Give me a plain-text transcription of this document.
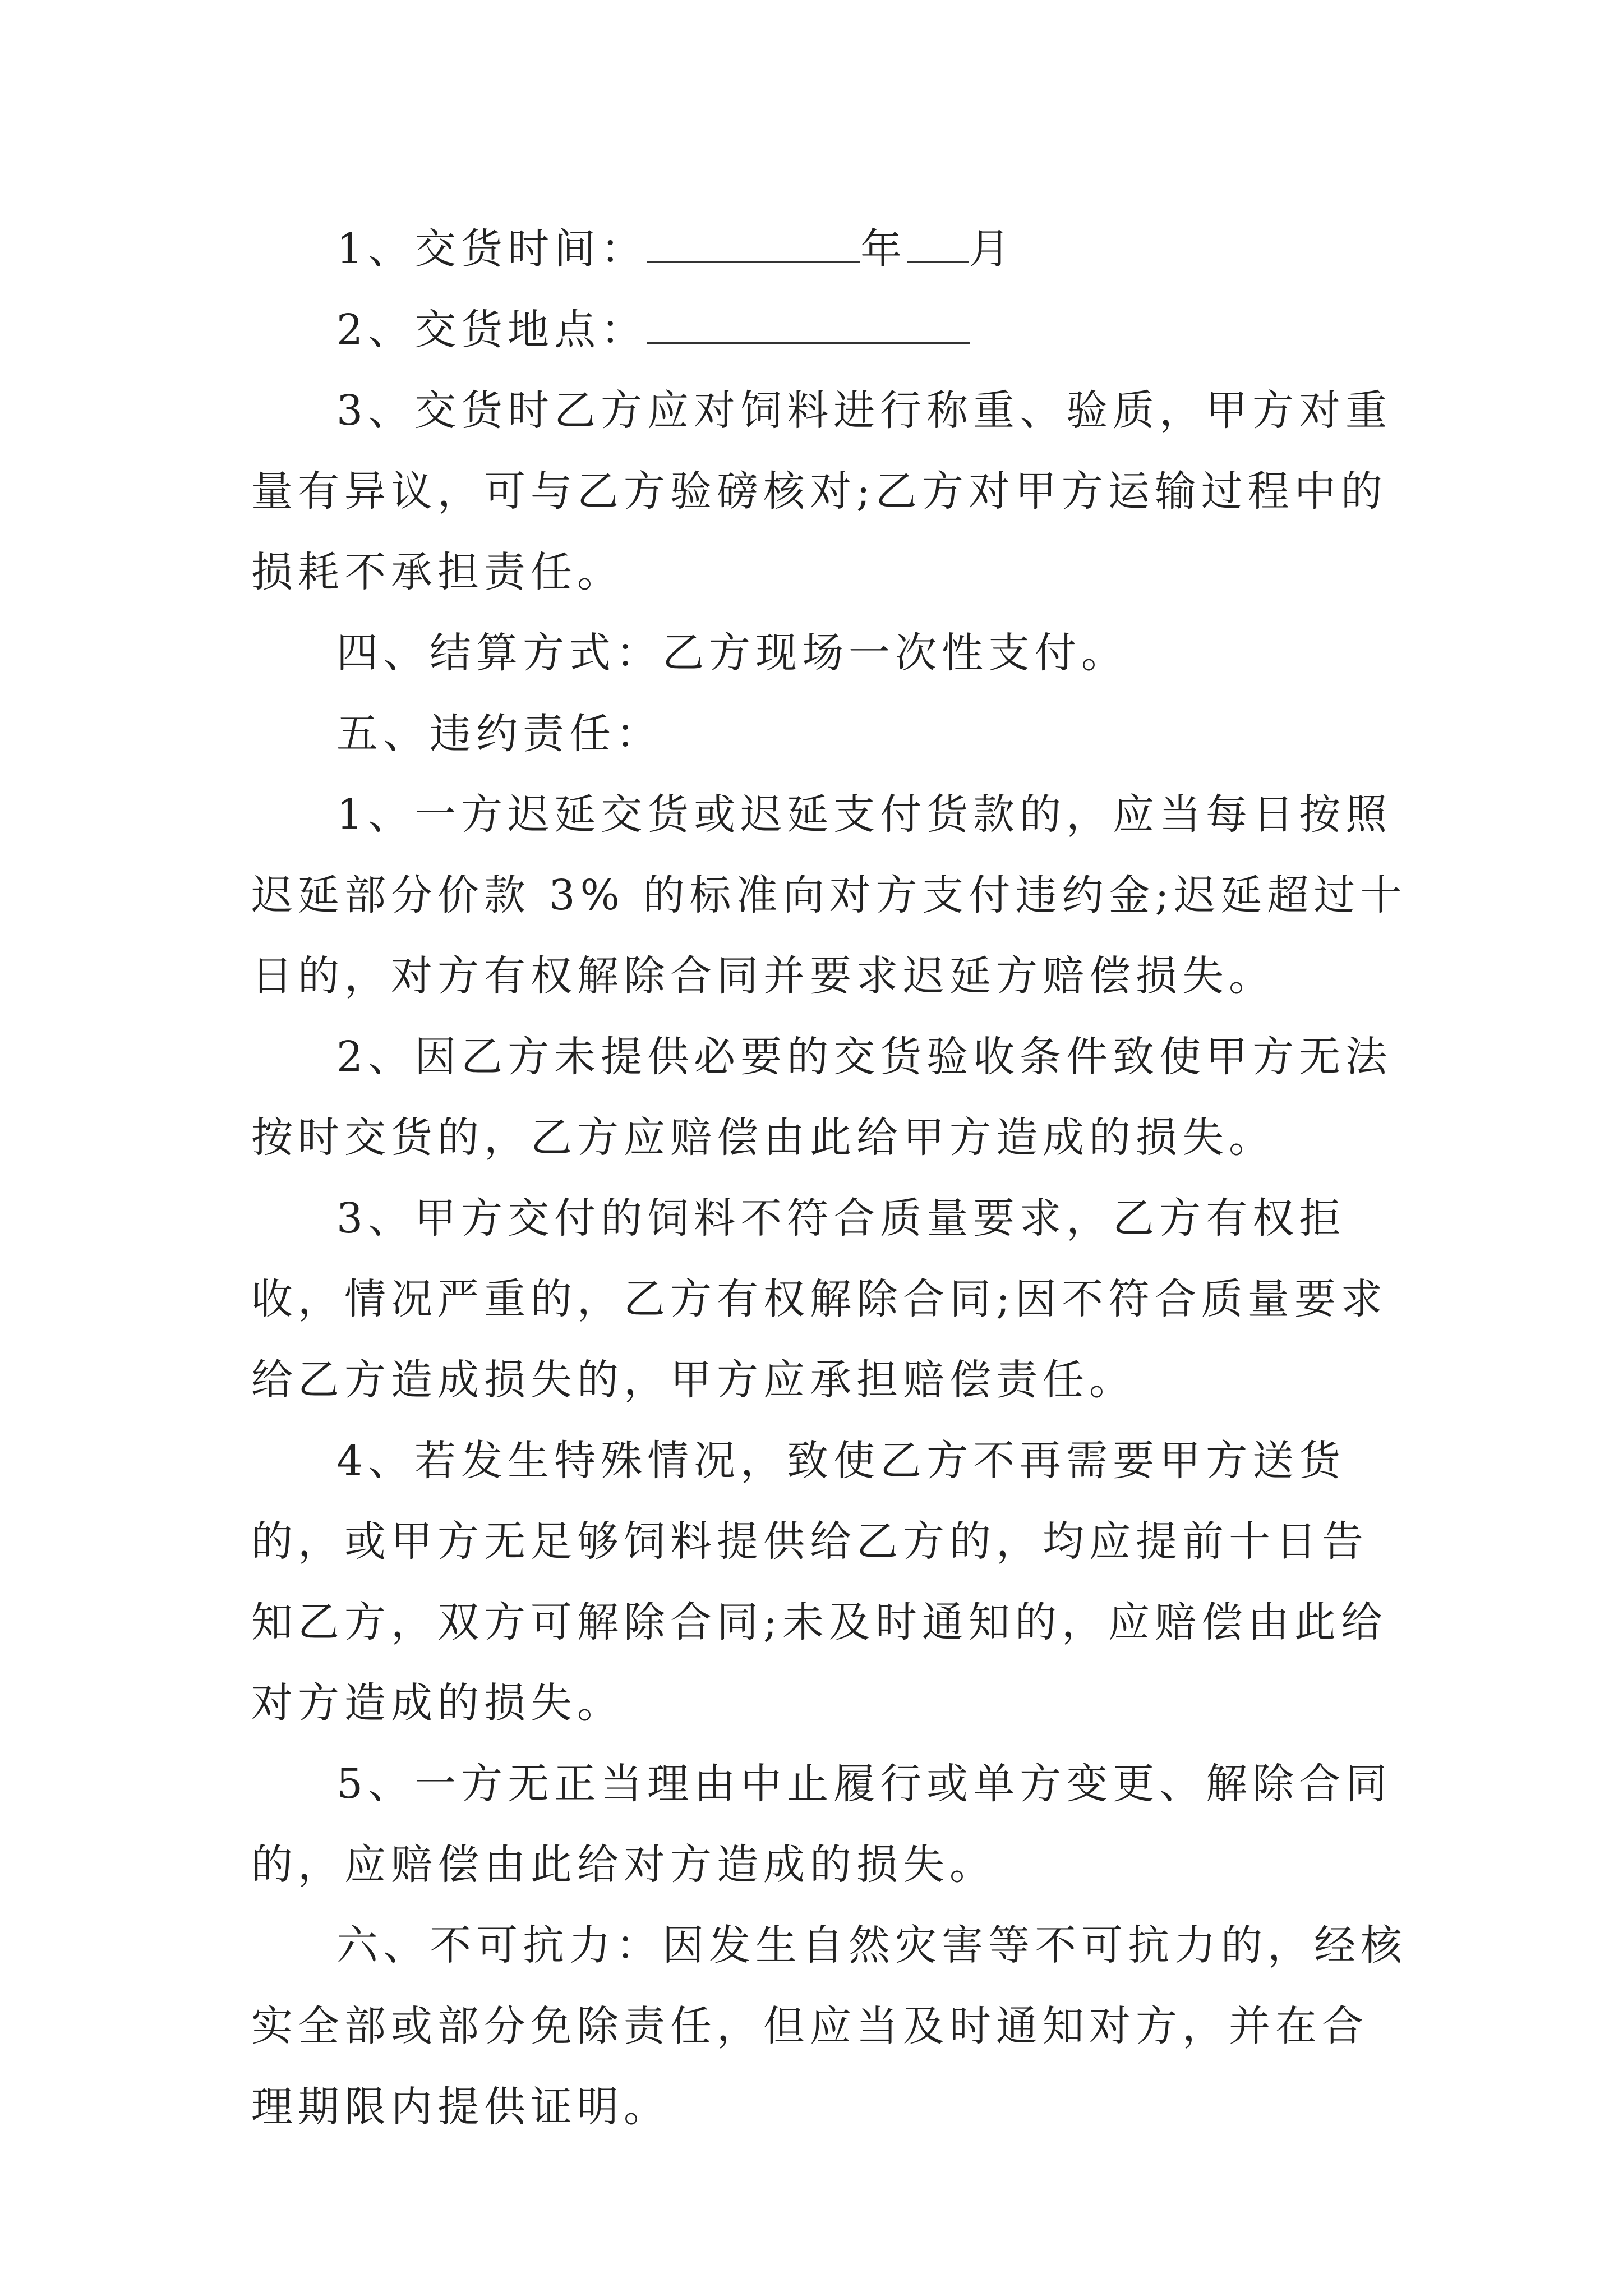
1、交货时间：	年 月

2、交货地点：

3、交货时乙方应对饲料进行称重、验质，甲方对重量有异议，可与乙方验磅核对;乙方对甲方运输过程中的损耗不承担责任。

四、结算方式：乙方现场一次性支付。

五、违约责任：

1、一方迟延交货或迟延支付货款的，应当每日按照迟延部分价款 3% 的标准向对方支付违约金;迟延超过十日的，对方有权解除合同并要求迟延方赔偿损失。

2、因乙方未提供必要的交货验收条件致使甲方无法按时交货的，乙方应赔偿由此给甲方造成的损失。

3、甲方交付的饲料不符合质量要求，乙方有权拒收，情况严重的，乙方有权解除合同;因不符合质量要求给乙方造成损失的，甲方应承担赔偿责任。

4、若发生特殊情况，致使乙方不再需要甲方送货的，或甲方无足够饲料提供给乙方的，均应提前十日告知乙方，双方可解除合同;未及时通知的，应赔偿由此给对方造成的损失。

5、一方无正当理由中止履行或单方变更、解除合同的，应赔偿由此给对方造成的损失。

六、不可抗力：因发生自然灾害等不可抗力的，经核实全部或部分免除责任，但应当及时通知对方，并在合理期限内提供证明。
